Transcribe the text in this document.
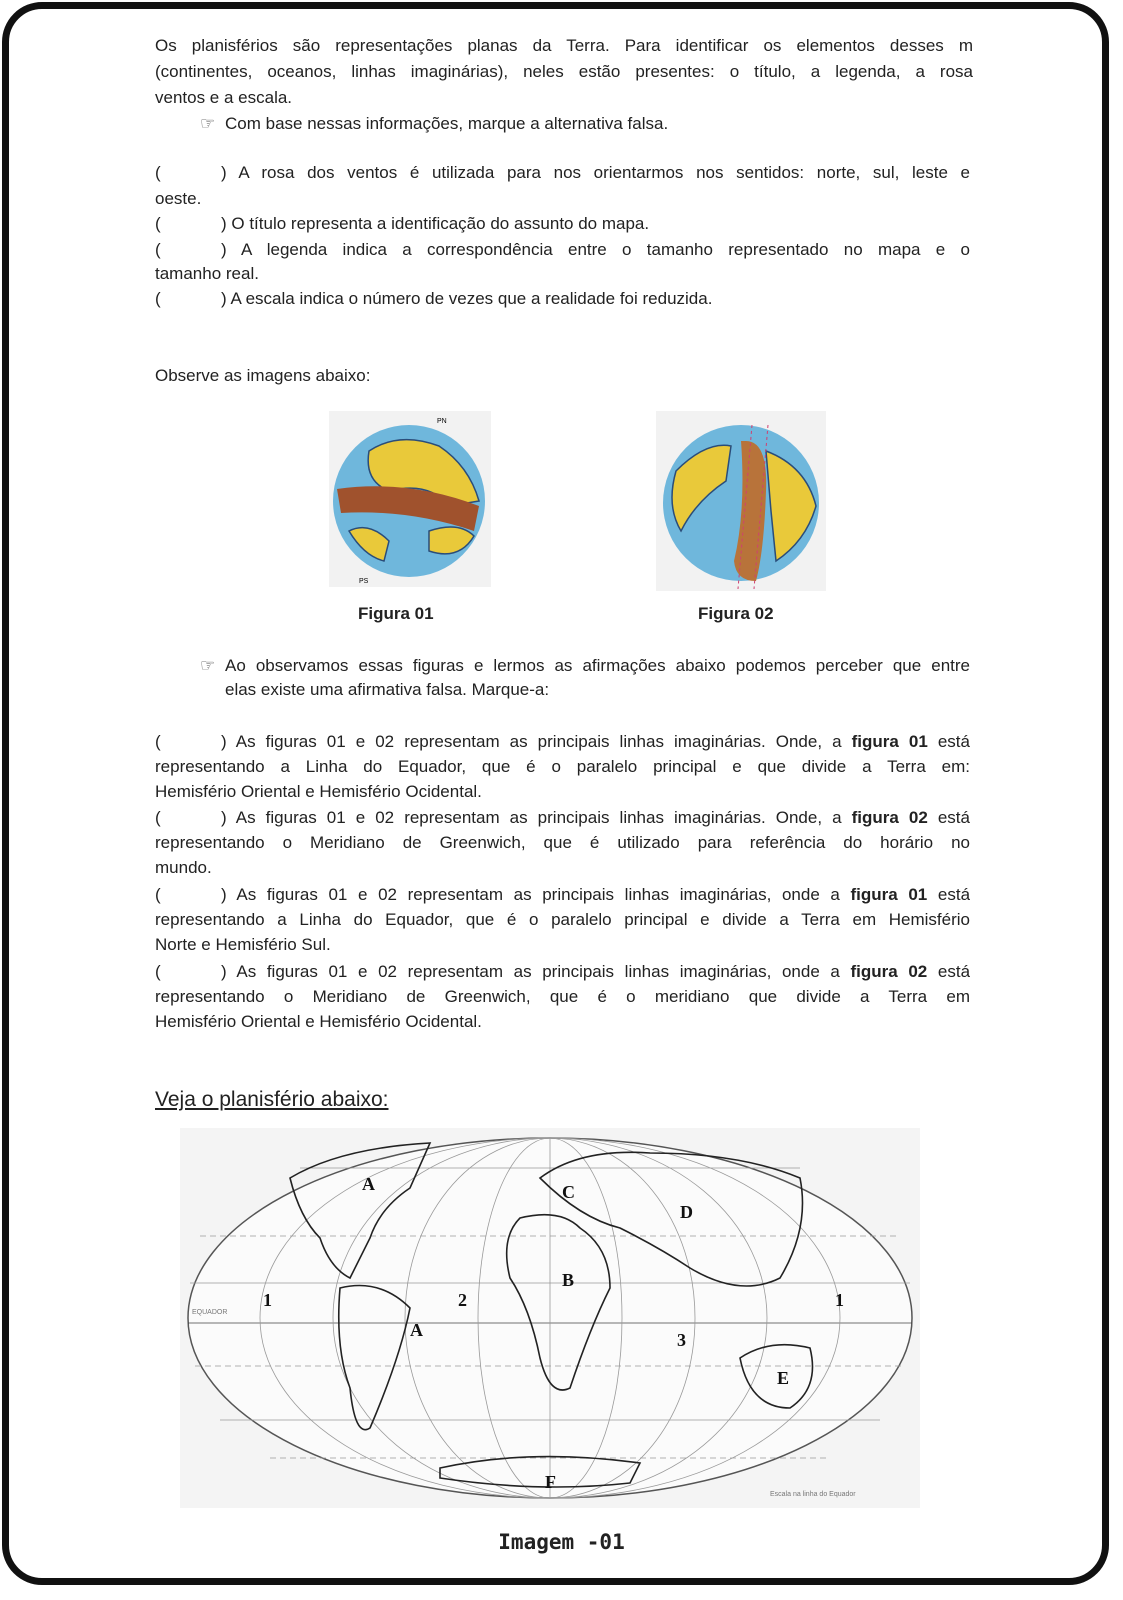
Os planisférios são representações planas da Terra. Para identificar os elementos desses m
(continentes, oceanos, linhas imaginárias), neles estão presentes: o título, a legenda, a rosa
ventos e a escala.
☞ Com base nessas informações, marque a alternativa falsa.
(	) A rosa dos ventos é utilizada para nos orientarmos nos sentidos: norte, sul, leste e
oeste.
(	) O título representa a identificação do assunto do mapa.
(	) A legenda indica a correspondência entre o tamanho representado no mapa e o
tamanho real.
(	) A escala indica o número de vezes que a realidade foi reduzida.
Observe as imagens abaixo:
PN
PS
Figura 01	Figura 02
☞ Ao observamos essas figuras e lermos as afirmações abaixo podemos perceber que entre
elas existe uma afirmativa falsa. Marque-a:
(	) As figuras 01 e 02 representam as principais linhas imaginárias. Onde, a figura 01 está
representando a Linha do Equador, que é o paralelo principal e que divide a Terra em:
Hemisfério Oriental e Hemisfério Ocidental.
(	) As figuras 01 e 02 representam as principais linhas imaginárias. Onde, a figura 02 está
representando o Meridiano de Greenwich, que é utilizado para referência do horário no
mundo.
(	) As figuras 01 e 02 representam as principais linhas imaginárias, onde a figura 01 está
representando a Linha do Equador, que é o paralelo principal e divide a Terra em Hemisfério
Norte e Hemisfério Sul.
(	) As figuras 01 e 02 representam as principais linhas imaginárias, onde a figura 02 está
representando o Meridiano de Greenwich, que é o meridiano que divide a Terra em
Hemisfério Oriental e Hemisfério Ocidental.
Veja o planisfério abaixo:
A
A
B
C
D
E
F
1	2
3
1
EQUADOR
Escala na linha do Equador
Imagem -01
